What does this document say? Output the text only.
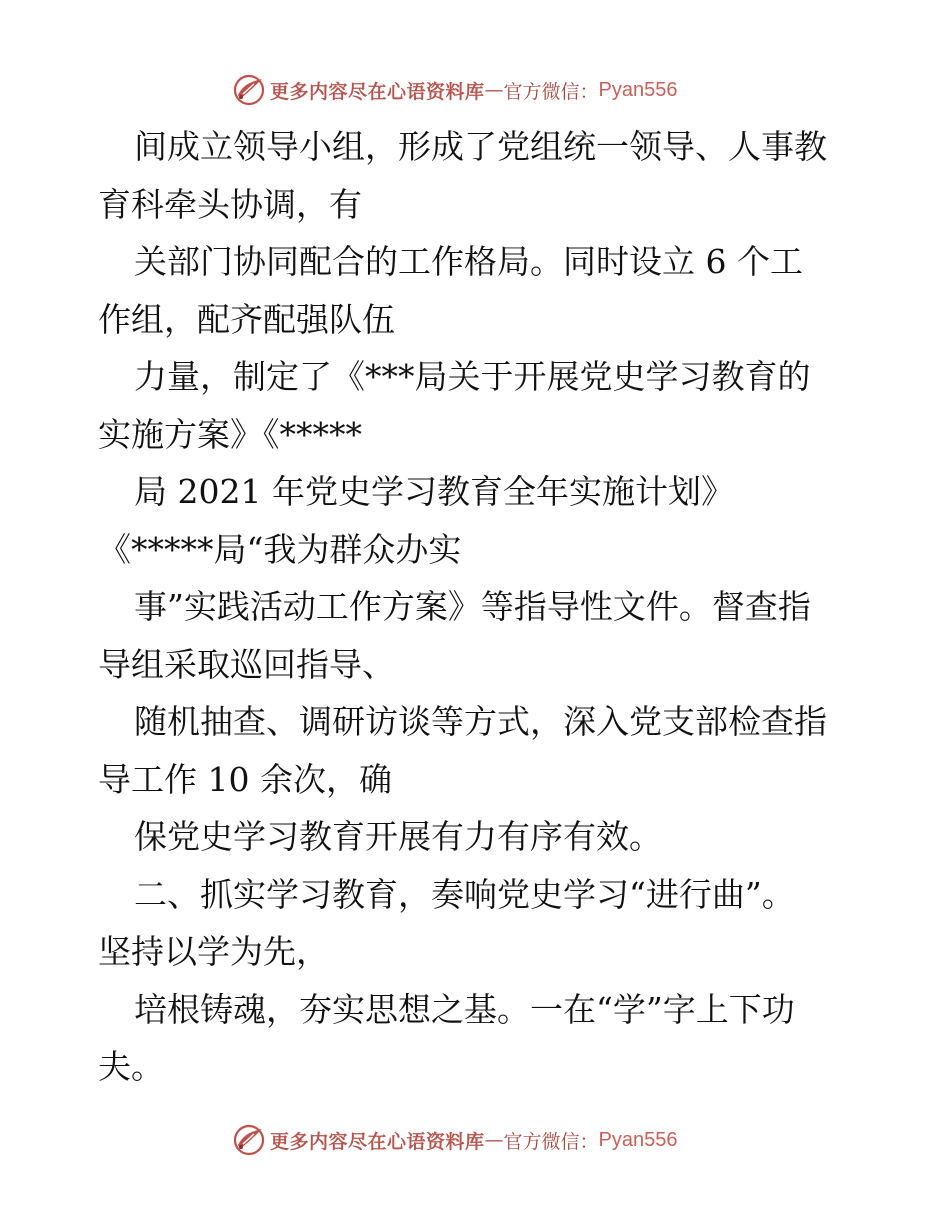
更多内容尽在心语资料库 — 官方微信： Pyan556
间成立领导小组，形成了党组统一领导、人事教
育科牵头协调，有
关部门协同配合的工作格局。同时设立 6 个工
作组，配齐配强队伍
力量，制定了《***局关于开展党史学习教育的
实施方案》《*****
局 2021 年党史学习教育全年实施计划》
《*****局“我为群众办实
事”实践活动工作方案》等指导性文件。督查指
导组采取巡回指导、
随机抽查、调研访谈等方式，深入党支部检查指
导工作 10 余次，确
保党史学习教育开展有力有序有效。
二、抓实学习教育，奏响党史学习“进行曲”。
坚持以学为先，
培根铸魂，夯实思想之基。一在“学”字上下功
夫。
更多内容尽在心语资料库 — 官方微信： Pyan556
